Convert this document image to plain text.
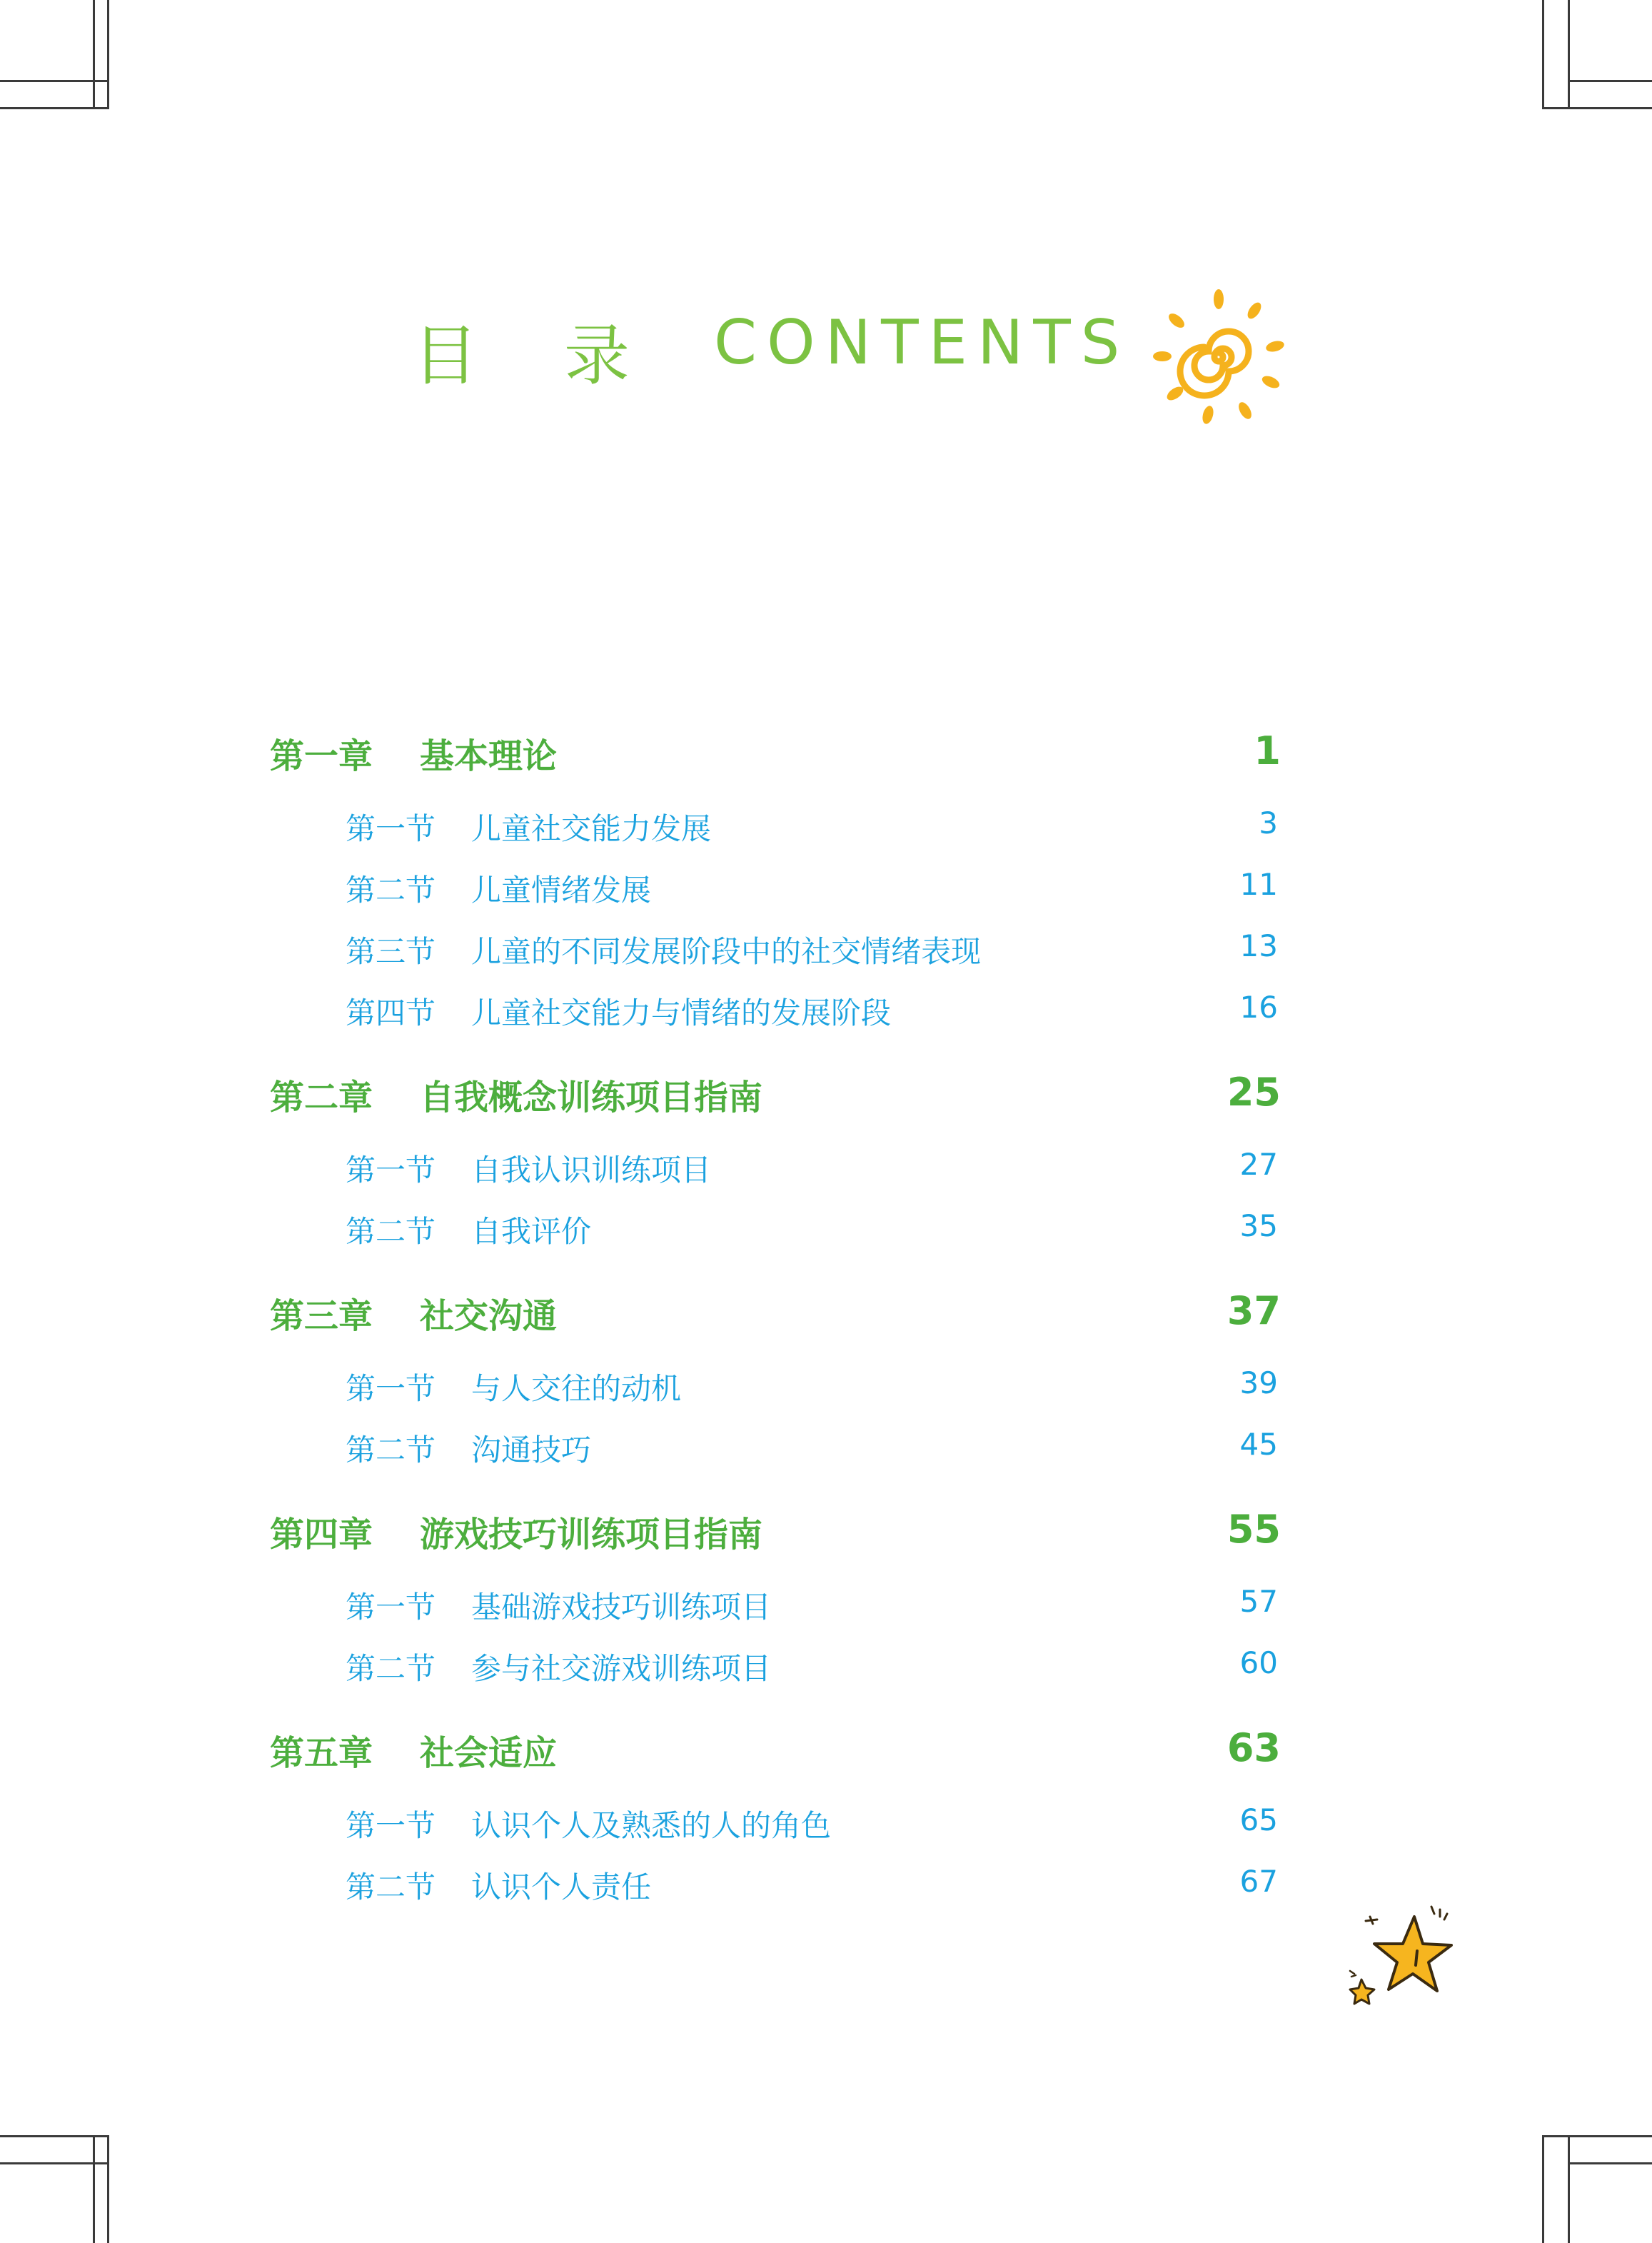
目 录 CONTENTS
第一章 基本理论	1
第一节 儿童社交能力发展	3
第二节 儿童情绪发展	11
第三节 儿童的不同发展阶段中的社交情绪表现	13
第四节 儿童社交能力与情绪的发展阶段	16
第二章 自我概念训练项目指南	25
第一节 自我认识训练项目	27
第二节 自我评价	35
第三章 社交沟通	37
第一节 与人交往的动机	39
第二节 沟通技巧	45
第四章 游戏技巧训练项目指南	55
第一节 基础游戏技巧训练项目	57
第二节 参与社交游戏训练项目	60
第五章 社会适应	63
第一节 认识个人及熟悉的人的角色	65
第二节 认识个人责任	67
